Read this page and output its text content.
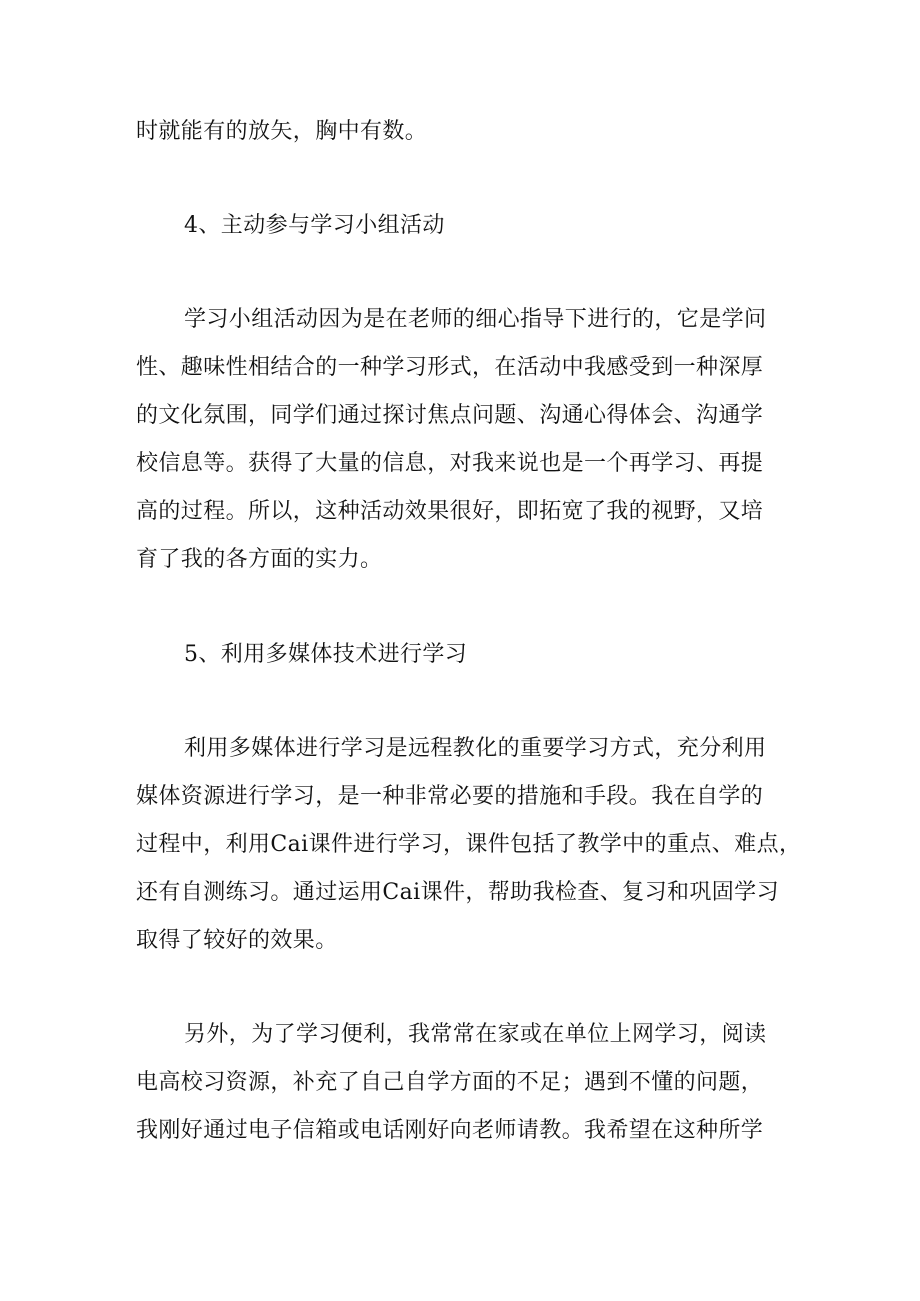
时就能有的放矢，胸中有数。
4、主动参与学习小组活动
学习小组活动因为是在老师的细心指导下进行的，它是学问
性、趣味性相结合的一种学习形式，在活动中我感受到一种深厚
的文化氛围，同学们通过探讨焦点问题、沟通心得体会、沟通学
校信息等。获得了大量的信息，对我来说也是一个再学习、再提
高的过程。所以，这种活动效果很好，即拓宽了我的视野，又培
育了我的各方面的实力。
5、利用多媒体技术进行学习
利用多媒体进行学习是远程教化的重要学习方式，充分利用
媒体资源进行学习，是一种非常必要的措施和手段。我在自学的
过程中，利用Cai课件进行学习，课件包括了教学中的重点、难点，
还有自测练习。通过运用Cai课件，帮助我检查、复习和巩固学习
取得了较好的效果。
另外，为了学习便利，我常常在家或在单位上网学习，阅读
电高校习资源，补充了自己自学方面的不足；遇到不懂的问题，
我刚好通过电子信箱或电话刚好向老师请教。我希望在这种所学
